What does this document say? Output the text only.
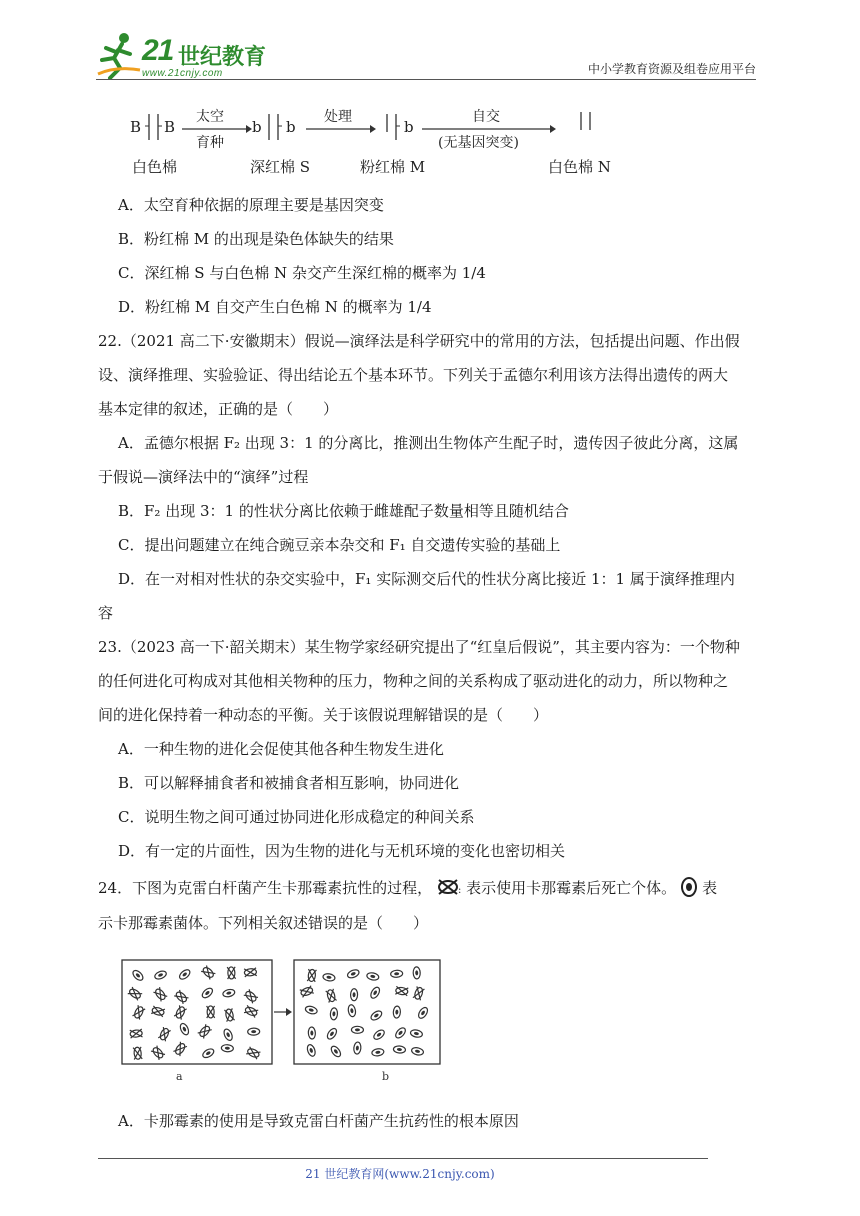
21 世纪教育
www.21cnjy.com	中小学教育资源及组卷应用平台
B B
太空
育种
b b
处理
b
自交
(无基因突变)
白色棉	深红棉 S	粉红棉 M	白色棉 N
A．太空育种依据的原理主要是基因突变
B．粉红棉 M 的出现是染色体缺失的结果
C．深红棉 S 与白色棉 N 杂交产生深红棉的概率为 1/4
D．粉红棉 M 自交产生白色棉 N 的概率为 1/4
22.（2021 高二下·安徽期末）假说—演绎法是科学研究中的常用的方法，包括提出问题、作出假
设、演绎推理、实验验证、得出结论五个基本环节。下列关于孟德尔利用该方法得出遗传的两大
基本定律的叙述，正确的是（　　）
A．孟德尔根据 F₂ 出现 3：1 的分离比，推测出生物体产生配子时，遗传因子彼此分离，这属
于假说—演绎法中的“演绎”过程
B．F₂ 出现 3：1 的性状分离比依赖于雌雄配子数量相等且随机结合
C．提出问题建立在纯合豌豆亲本杂交和 F₁ 自交遗传实验的基础上
D．在一对相对性状的杂交实验中，F₁ 实际测交后代的性状分离比接近 1：1 属于演绎推理内
容
23.（2023 高一下·韶关期末）某生物学家经研究提出了“红皇后假说”，其主要内容为：一个物种
的任何进化可构成对其他相关物种的压力，物种之间的关系构成了驱动进化的动力，所以物种之
间的进化保持着一种动态的平衡。关于该假说理解错误的是（　　）
A．一种生物的进化会促使其他各种生物发生进化
B．可以解释捕食者和被捕食者相互影响，协同进化
C．说明生物之间可通过协同进化形成稳定的种间关系
D．有一定的片面性，因为生物的进化与无机环境的变化也密切相关
24．下图为克雷白杆菌产生卡那霉素抗性的过程，	: 表示使用卡那霉素后死亡个体。 表
示卡那霉素菌体。下列相关叙述错误的是（　　）
a	b
A．卡那霉素的使用是导致克雷白杆菌产生抗药性的根本原因
21 世纪教育网(www.21cnjy.com)
